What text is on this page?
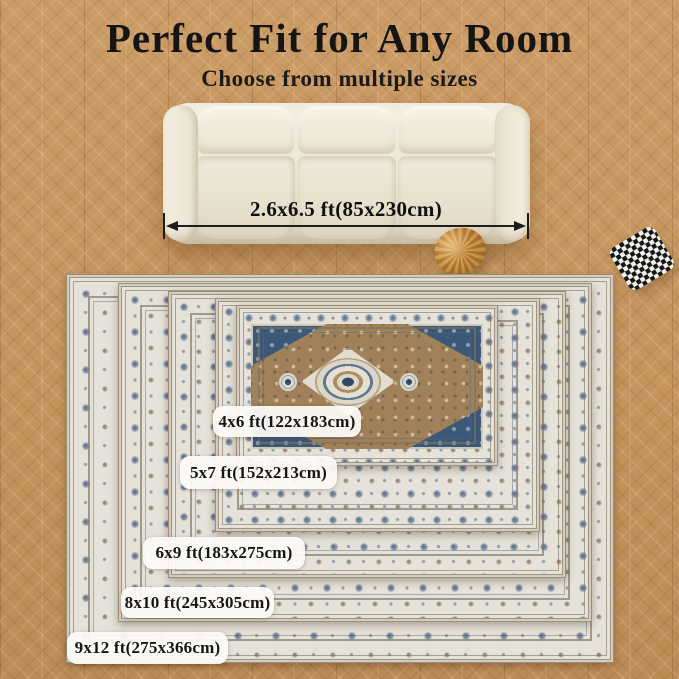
Perfect Fit for Any Room
Choose from multiple sizes
2.6x6.5 ft(85x230cm)
4x6 ft(122x183cm)
5x7 ft(152x213cm)
6x9 ft(183x275cm)
8x10 ft(245x305cm)
9x12 ft(275x366cm)
